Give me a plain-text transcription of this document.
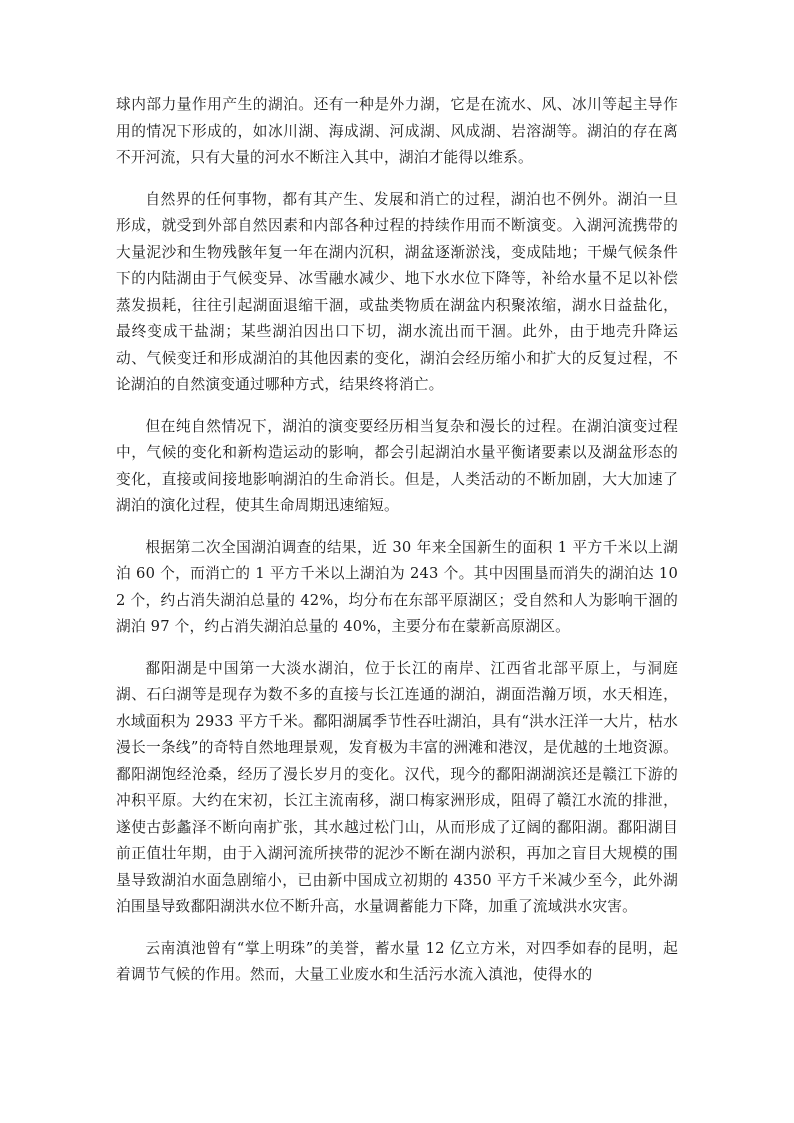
球内部力量作用产生的湖泊。还有一种是外力湖，它是在流水、风、冰川等起主导作用的情况下形成的，如冰川湖、海成湖、河成湖、风成湖、岩溶湖等。湖泊的存在离不开河流，只有大量的河水不断注入其中，湖泊才能得以维系。

自然界的任何事物，都有其产生、发展和消亡的过程，湖泊也不例外。湖泊一旦形成，就受到外部自然因素和内部各种过程的持续作用而不断演变。入湖河流携带的大量泥沙和生物残骸年复一年在湖内沉积，湖盆逐渐淤浅，变成陆地；干燥气候条件下的内陆湖由于气候变异、冰雪融水减少、地下水水位下降等，补给水量不足以补偿蒸发损耗，往往引起湖面退缩干涸，或盐类物质在湖盆内积聚浓缩，湖水日益盐化，最终变成干盐湖；某些湖泊因出口下切，湖水流出而干涸。此外，由于地壳升降运动、气候变迁和形成湖泊的其他因素的变化，湖泊会经历缩小和扩大的反复过程，不论湖泊的自然演变通过哪种方式，结果终将消亡。

但在纯自然情况下，湖泊的演变要经历相当复杂和漫长的过程。在湖泊演变过程中，气候的变化和新构造运动的影响，都会引起湖泊水量平衡诸要素以及湖盆形态的变化，直接或间接地影响湖泊的生命消长。但是，人类活动的不断加剧，大大加速了湖泊的演化过程，使其生命周期迅速缩短。

根据第二次全国湖泊调查的结果，近 30 年来全国新生的面积 1 平方千米以上湖泊 60 个，而消亡的 1 平方千米以上湖泊为 243 个。其中因围垦而消失的湖泊达 102 个，约占消失湖泊总量的 42%，均分布在东部平原湖区；受自然和人为影响干涸的湖泊 97 个，约占消失湖泊总量的 40%，主要分布在蒙新高原湖区。

鄱阳湖是中国第一大淡水湖泊，位于长江的南岸、江西省北部平原上，与洞庭湖、石臼湖等是现存为数不多的直接与长江连通的湖泊，湖面浩瀚万顷，水天相连，水域面积为 2933 平方千米。鄱阳湖属季节性吞吐湖泊，具有“洪水汪洋一大片，枯水漫长一条线”的奇特自然地理景观，发育极为丰富的洲滩和港汊，是优越的土地资源。鄱阳湖饱经沧桑，经历了漫长岁月的变化。汉代，现今的鄱阳湖湖滨还是赣江下游的冲积平原。大约在宋初，长江主流南移，湖口梅家洲形成，阻碍了赣江水流的排泄，遂使古彭蠡泽不断向南扩张，其水越过松门山，从而形成了辽阔的鄱阳湖。鄱阳湖目前正值壮年期，由于入湖河流所挟带的泥沙不断在湖内淤积，再加之盲目大规模的围垦导致湖泊水面急剧缩小，已由新中国成立初期的 4350 平方千米减少至今，此外湖泊围垦导致鄱阳湖洪水位不断升高，水量调蓄能力下降，加重了流域洪水灾害。

云南滇池曾有“掌上明珠”的美誉，蓄水量 12 亿立方米，对四季如春的昆明，起着调节气候的作用。然而，大量工业废水和生活污水流入滇池，使得水的
